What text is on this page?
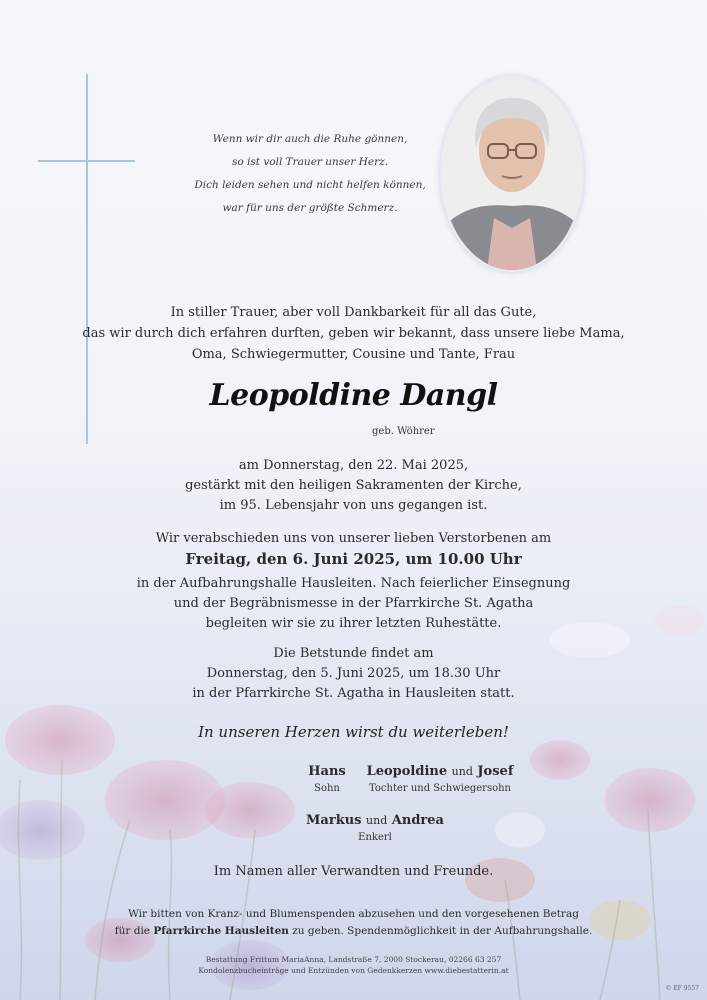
Wenn wir dir auch die Ruhe gönnen,
so ist voll Trauer unser Herz.
Dich leiden sehen und nicht helfen können,
war für uns der größte Schmerz.
In stiller Trauer, aber voll Dankbarkeit für all das Gute,
das wir durch dich erfahren durften, geben wir bekannt, dass unsere liebe Mama,
Oma, Schwiegermutter, Cousine und Tante, Frau
Leopoldine Dangl
geb. Wöhrer
am Donnerstag, den 22. Mai 2025,
gestärkt mit den heiligen Sakramenten der Kirche,
im 95. Lebensjahr von uns gegangen ist.
Wir verabschieden uns von unserer lieben Verstorbenen am
Freitag, den 6. Juni 2025, um 10.00 Uhr
in der Aufbahrungshalle Hausleiten. Nach feierlicher Einsegnung
und der Begräbnismesse in der Pfarrkirche St. Agatha
begleiten wir sie zu ihrer letzten Ruhestätte.
Die Betstunde findet am
Donnerstag, den 5. Juni 2025, um 18.30 Uhr
in der Pfarrkirche St. Agatha in Hausleiten statt.
In unseren Herzen wirst du weiterleben!
Hans
Sohn
Leopoldine und Josef
Tochter und Schwiegersohn
Markus und Andrea
Enkerl
Im Namen aller Verwandten und Freunde.
Wir bitten von Kranz- und Blumenspenden abzusehen und den vorgesehenen Betrag
für die Pfarrkirche Hausleiten zu geben. Spendenmöglichkeit in der Aufbahrungshalle.
Bestattung Frittum MariaAnna, Landstraße 7, 2000 Stockerau, 02266 63 257
Kondolenzbucheinträge und Entzünden von Gedenkkerzen www.diebestatterin.at
© EF 9557
